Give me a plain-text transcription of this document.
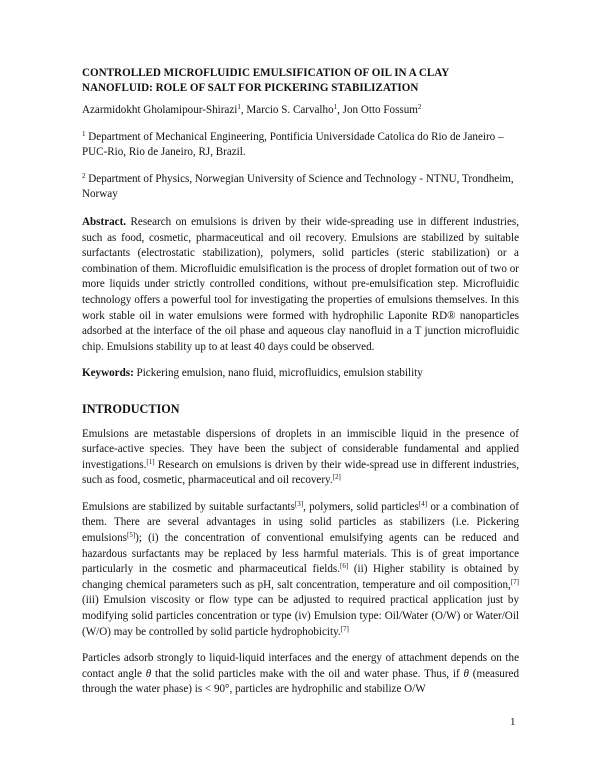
CONTROLLED MICROFLUIDIC EMULSIFICATION OF OIL IN A CLAY NANOFLUID: ROLE OF SALT FOR PICKERING STABILIZATION

Azarmidokht Gholamipour-Shirazi$^1$, Marcio S. Carvalho$^1$, Jon Otto Fossum$^2$

$^1$ Department of Mechanical Engineering, Pontificia Universidade Catolica do Rio de Janeiro – PUC-Rio, Rio de Janeiro, RJ, Brazil.

$^2$ Department of Physics, Norwegian University of Science and Technology - NTNU, Trondheim, Norway

Abstract. Research on emulsions is driven by their wide-spreading use in different industries, such as food, cosmetic, pharmaceutical and oil recovery. Emulsions are stabilized by suitable surfactants (electrostatic stabilization), polymers, solid particles (steric stabilization) or a combination of them. Microfluidic emulsification is the process of droplet formation out of two or more liquids under strictly controlled conditions, without pre-emulsification step. Microfluidic technology offers a powerful tool for investigating the properties of emulsions themselves. In this work stable oil in water emulsions were formed with hydrophilic Laponite RD® nanoparticles adsorbed at the interface of the oil phase and aqueous clay nanofluid in a T junction microfluidic chip. Emulsions stability up to at least 40 days could be observed.

Keywords: Pickering emulsion, nano fluid, microfluidics, emulsion stability

INTRODUCTION

Emulsions are metastable dispersions of droplets in an immiscible liquid in the presence of surface-active species. They have been the subject of considerable fundamental and applied investigations.[1] Research on emulsions is driven by their wide-spread use in different industries, such as food, cosmetic, pharmaceutical and oil recovery.[2]

Emulsions are stabilized by suitable surfactants[3], polymers, solid particles[4] or a combination of them. There are several advantages in using solid particles as stabilizers (i.e. Pickering emulsions[5]); (i) the concentration of conventional emulsifying agents can be reduced and hazardous surfactants may be replaced by less harmful materials. This is of great importance particularly in the cosmetic and pharmaceutical fields.[6] (ii) Higher stability is obtained by changing chemical parameters such as pH, salt concentration, temperature and oil composition,[7] (iii) Emulsion viscosity or flow type can be adjusted to required practical application just by modifying solid particles concentration or type (iv) Emulsion type: Oil/Water (O/W) or Water/Oil (W/O) may be controlled by solid particle hydrophobicity.[7]

Particles adsorb strongly to liquid-liquid interfaces and the energy of attachment depends on the contact angle θ that the solid particles make with the oil and water phase. Thus, if θ (measured through the water phase) is < 90°, particles are hydrophilic and stabilize O/W

1
